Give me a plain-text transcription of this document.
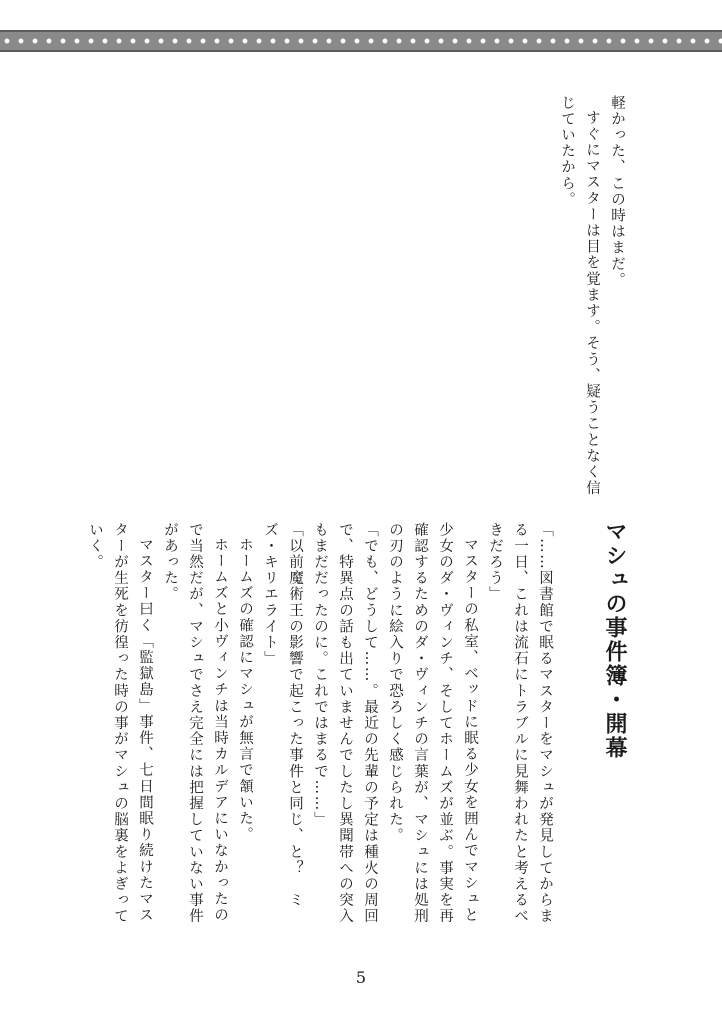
軽かった、この時はまだ。

すぐにマスターは目を覚ます。そう、疑うことなく信

じていたから。

マシュの事件簿・開幕

「……図書館で眠るマスターをマシュが発見してからま

る一日、これは流石にトラブルに見舞われたと考えるべ

きだろう」

マスターの私室、ベッドに眠る少女を囲んでマシュと

少女のダ・ヴィンチ、そしてホームズが並ぶ。事実を再

確認するためのダ・ヴィンチの言葉が、マシュには処刑

の刃のように絵入りで恐ろしく感じられた。

「でも、どうして……。最近の先輩の予定は種火の周回

で、特異点の話も出ていませんでしたし異聞帯への突入

もまだだったのに。これではまるで……」

「以前魔術王の影響で起こった事件と同じ、と？　ミ

ズ・キリエライト」

ホームズの確認にマシュが無言で頷いた。

ホームズと小ヴィンチは当時カルデアにいなかったの

で当然だが、マシュでさえ完全には把握していない事件

があった。

マスター曰く「監獄島」事件、七日間眠り続けたマス

ターが生死を彷徨った時の事がマシュの脳裏をよぎって

いく。

5
